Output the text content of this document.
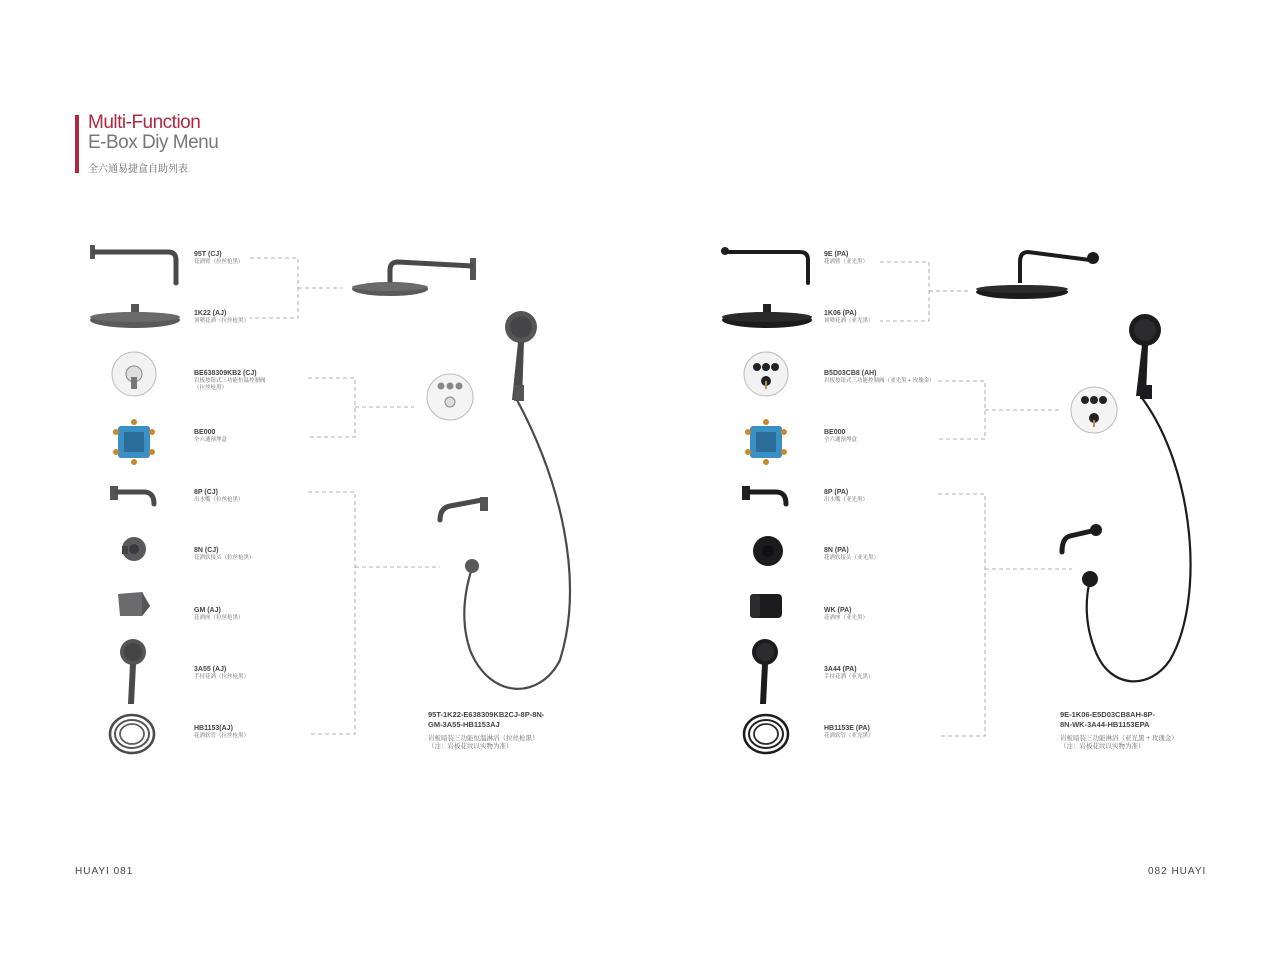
Multi-Function
E-Box Diy Menu
全六通易捷盒自助列表
95T (CJ)
花洒臂（拉丝枪黑）
1K22 (AJ)
顶喷花洒（拉丝枪黑）
BE638309KB2 (CJ)
岩板按钮式三功能恒温控制阀
（拉丝枪黑）
BE000
全六通预埋盒
8P (CJ)
出水嘴（拉丝枪黑）
8N (CJ)
花洒软接头（拉丝枪黑）
GM (AJ)
花洒座（拉丝枪黑）
3A55 (AJ)
手持花洒（拉丝枪黑）
HB1153(AJ)
花洒软管（拉丝枪黑）
95T-1K22-E638309KB2CJ-8P-8N-
GM-3A55-HB1153AJ
岩板暗装三功能恒温淋浴（拉丝枪黑）
（注：岩板花纹以实物为准）
9E (PA)
花洒臂（亚光黑）
1K06 (PA)
顶喷花洒（亚光黑）
B5D03CB8 (AH)
岩板按钮式三功能控制阀（亚光黑 + 玫瑰金）
BE000
全六通预埋盒
8P (PA)
出水嘴（亚光黑）
8N (PA)
花洒软接头（亚光黑）
WK (PA)
花洒座（亚光黑）
3A44 (PA)
手持花洒（亚光黑）
HB1153E (PA)
花洒软管（亚光黑）
9E-1K06-E5D03CB8AH-8P-
8N-WK-3A44-HB1153EPA
岩板暗装三功能淋浴（亚光黑 + 玫瑰金）
（注：岩板花纹以实物为准）
HUAYI 081	082 HUAYI
